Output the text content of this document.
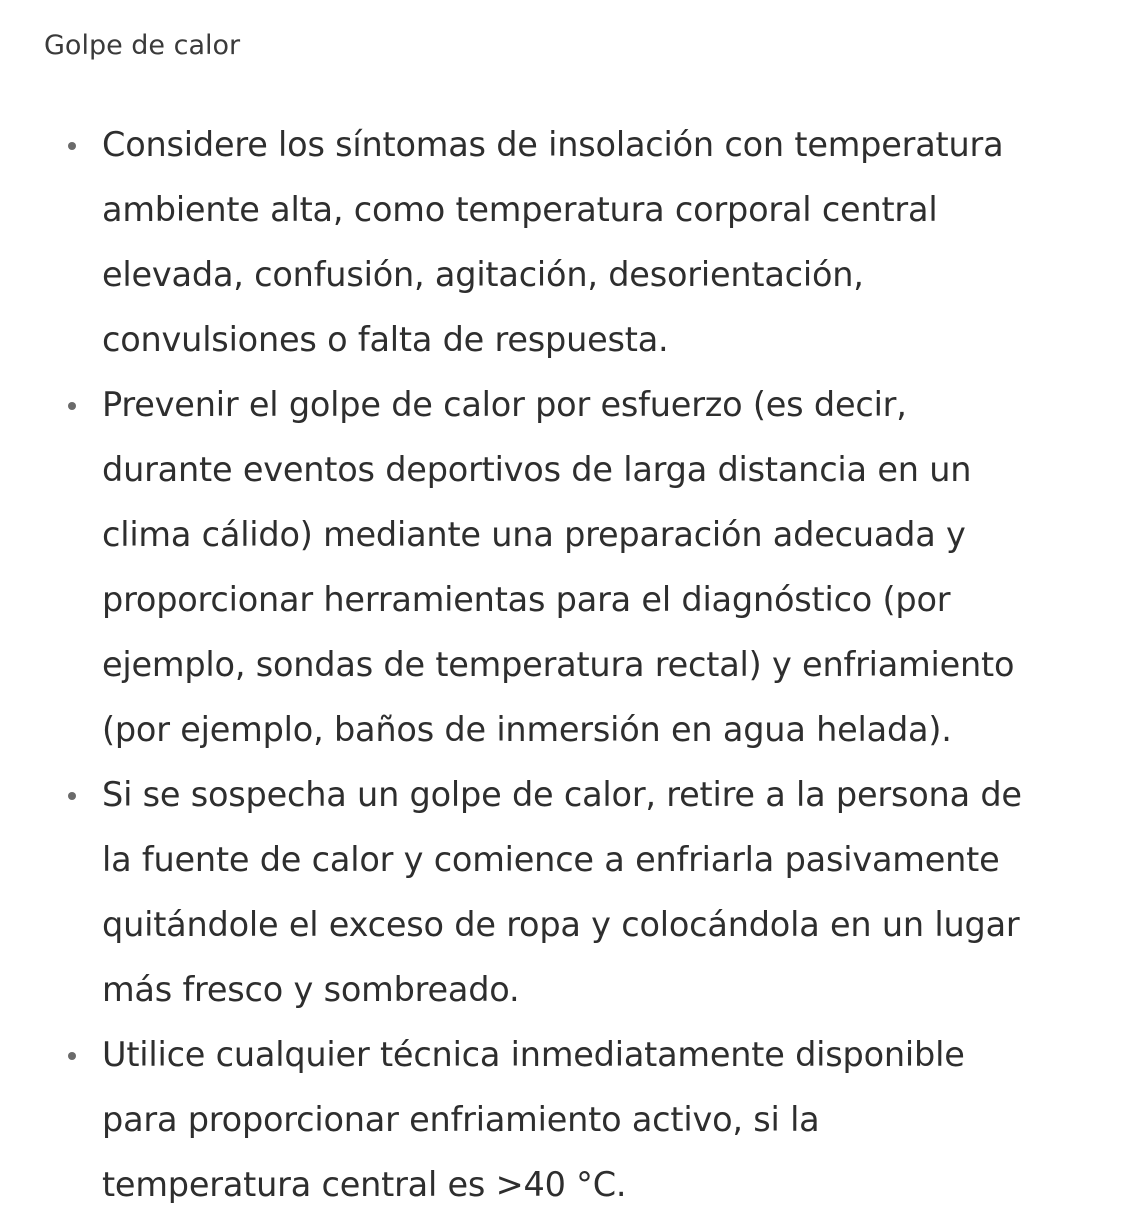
Golpe de calor
Considere los síntomas de insolación con temperatura
ambiente alta, como temperatura corporal central
elevada, confusión, agitación, desorientación,
convulsiones o falta de respuesta.
Prevenir el golpe de calor por esfuerzo (es decir,
durante eventos deportivos de larga distancia en un
clima cálido) mediante una preparación adecuada y
proporcionar herramientas para el diagnóstico (por
ejemplo, sondas de temperatura rectal) y enfriamiento
(por ejemplo, baños de inmersión en agua helada).
Si se sospecha un golpe de calor, retire a la persona de
la fuente de calor y comience a enfriarla pasivamente
quitándole el exceso de ropa y colocándola en un lugar
más fresco y sombreado.
Utilice cualquier técnica inmediatamente disponible
para proporcionar enfriamiento activo, si la
temperatura central es >40 °C.
